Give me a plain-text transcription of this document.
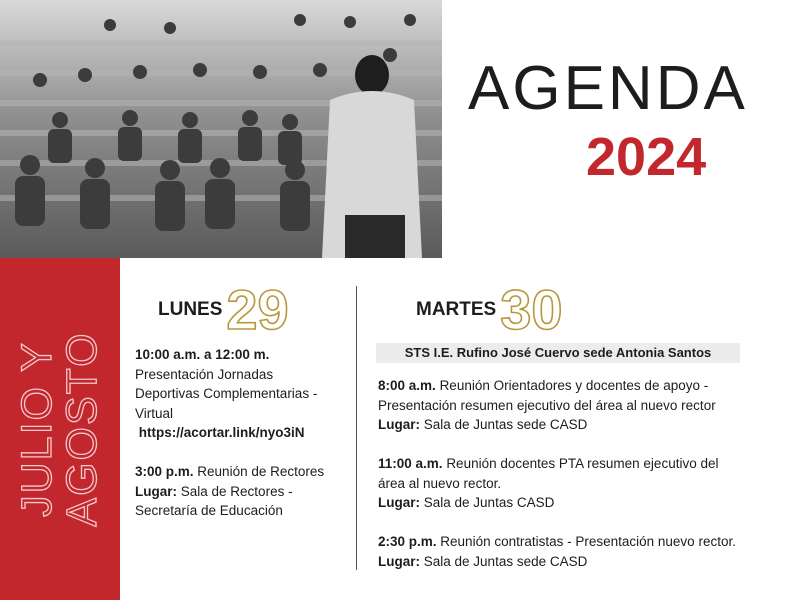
AGENDA
2024
JULIO Y
AGOSTO
LUNES 29

10:00 a.m. a 12:00 m.
Presentación Jornadas Deportivas Complementarias - Virtual
https://acortar.link/nyo3iN

3:00 p.m. Reunión de Rectores
Lugar: Sala de Rectores - Secretaría de Educación

MARTES 30
STS I.E. Rufino José Cuervo sede Antonia Santos

8:00 a.m. Reunión Orientadores y docentes de apoyo - Presentación resumen ejecutivo del área al nuevo rector
Lugar: Sala de Juntas sede CASD

11:00 a.m. Reunión docentes PTA resumen ejecutivo del área al nuevo rector.
Lugar: Sala de Juntas CASD

2:30 p.m. Reunión contratistas - Presentación nuevo rector. Lugar: Sala de Juntas sede CASD
